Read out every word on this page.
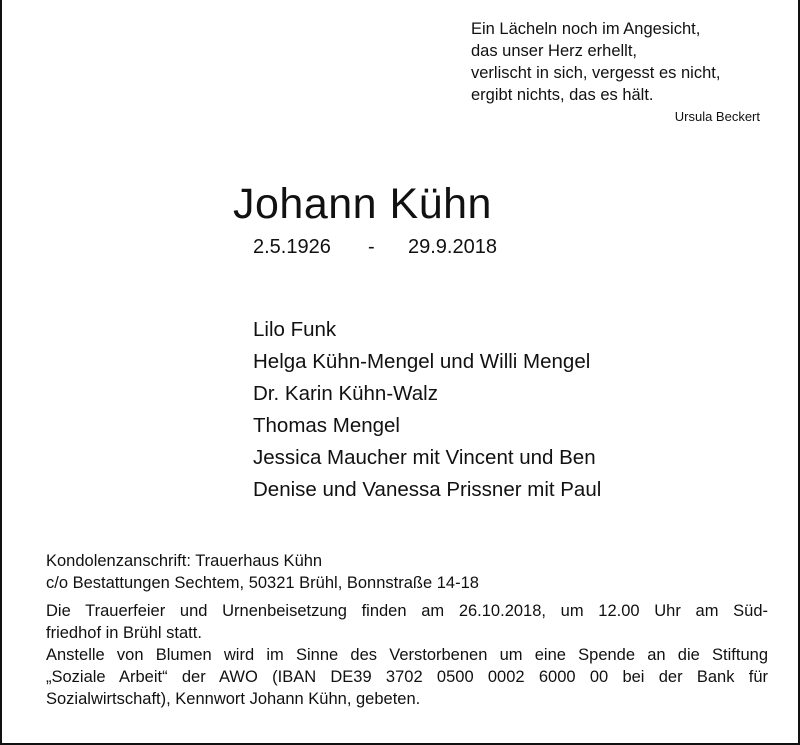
Ein Lächeln noch im Angesicht,
das unser Herz erhellt,
verlischt in sich, vergesst es nicht,
ergibt nichts, das es hält.
Ursula Beckert
Johann Kühn
2.5.1926 - 29.9.2018
Lilo Funk
Helga Kühn-Mengel und Willi Mengel
Dr. Karin Kühn-Walz
Thomas Mengel
Jessica Maucher mit Vincent und Ben
Denise und Vanessa Prissner mit Paul
Kondolenzanschrift: Trauerhaus Kühn
c/o Bestattungen Sechtem, 50321 Brühl, Bonnstraße 14-18
Die Trauerfeier und Urnenbeisetzung finden am 26.10.2018, um 12.00 Uhr am Süd-
friedhof in Brühl statt.
Anstelle von Blumen wird im Sinne des Verstorbenen um eine Spende an die Stiftung
„Soziale Arbeit“ der AWO (IBAN DE39 3702 0500 0002 6000 00 bei der Bank für
Sozialwirtschaft), Kennwort Johann Kühn, gebeten.
